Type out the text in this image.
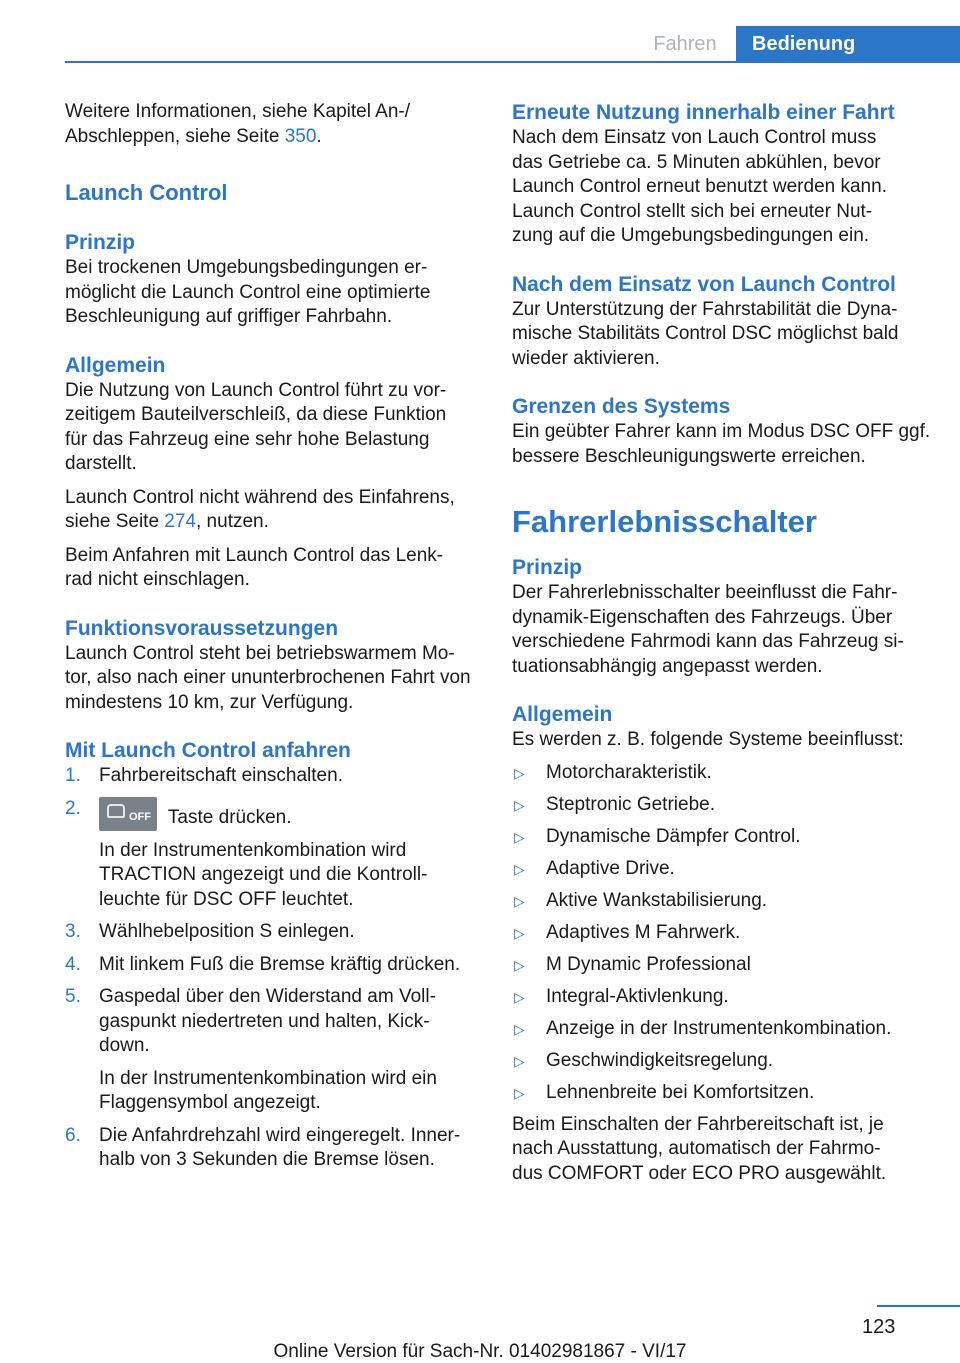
Fahren	Bedienung

Weitere Informationen, siehe Kapitel An-/
Abschleppen, siehe Seite 350.

Launch Control
Prinzip

Bei trockenen Umgebungsbedingungen er‐ möglicht die Launch Control eine optimierte Beschleunigung auf griffiger Fahrbahn.

Allgemein

Die Nutzung von Launch Control führt zu vor‐ zeitigem Bauteilverschleiß, da diese Funktion für das Fahrzeug eine sehr hohe Belastung darstellt.

Launch Control nicht während des Einfahrens, siehe Seite 274, nutzen.

Beim Anfahren mit Launch Control das Lenk‐ rad nicht einschlagen.

Funktionsvoraussetzungen

Launch Control steht bei betriebswarmem Mo‐ tor, also nach einer ununterbrochenen Fahrt von mindestens 10 km, zur Verfügung.

Mit Launch Control anfahren
1. Fahrbereitschaft einschalten.
2.	OFF Taste drücken.
In der Instrumentenkombination wird TRACTION angezeigt und die Kontroll‐ leuchte für DSC OFF leuchtet.
3. Wählhebelposition S einlegen.
4. Mit linkem Fuß die Bremse kräftig drücken.
5. Gaspedal über den Widerstand am Voll‐ gaspunkt niedertreten und halten, Kick‐ down.
In der Instrumentenkombination wird ein Flaggensymbol angezeigt.
6. Die Anfahrdrehzahl wird eingeregelt. Inner‐ halb von 3 Sekunden die Bremse lösen.
Erneute Nutzung innerhalb einer Fahrt

Nach dem Einsatz von Lauch Control muss das Getriebe ca. 5 Minuten abkühlen, bevor Launch Control erneut benutzt werden kann. Launch Control stellt sich bei erneuter Nut‐ zung auf die Umgebungsbedingungen ein.

Nach dem Einsatz von Launch Control

Zur Unterstützung der Fahrstabilität die Dyna‐ mische Stabilitäts Control DSC möglichst bald wieder aktivieren.

Grenzen des Systems

Ein geübter Fahrer kann im Modus DSC OFF ggf. bessere Beschleunigungswerte erreichen.

Fahrerlebnisschalter
Prinzip

Der Fahrerlebnisschalter beeinflusst die Fahr‐ dynamik-Eigenschaften des Fahrzeugs. Über verschiedene Fahrmodi kann das Fahrzeug si‐ tuationsabhängig angepasst werden.

Allgemein

Es werden z. B. folgende Systeme beeinflusst:

▷ Motorcharakteristik.
▷ Steptronic Getriebe.
▷ Dynamische Dämpfer Control.
▷ Adaptive Drive.
▷ Aktive Wankstabilisierung.
▷ Adaptives M Fahrwerk.
▷ M Dynamic Professional
▷ Integral-Aktivlenkung.
▷ Anzeige in der Instrumentenkombination.
▷ Geschwindigkeitsregelung.
▷ Lehnenbreite bei Komfortsitzen.

Beim Einschalten der Fahrbereitschaft ist, je nach Ausstattung, automatisch der Fahrmo‐ dus COMFORT oder ECO PRO ausgewählt.

123
Online Version für Sach-Nr. 01402981867 - VI/17
